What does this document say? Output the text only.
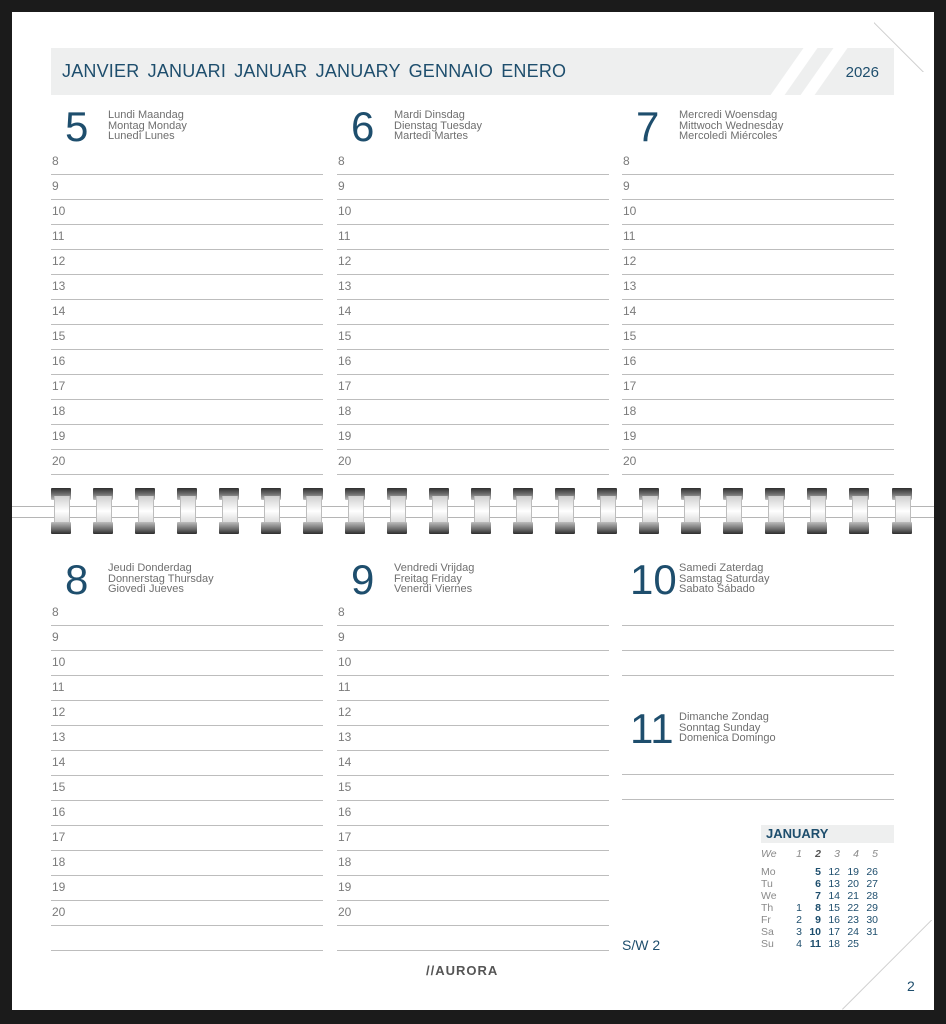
JANVIER JANUARI JANUAR JANUARY GENNAIO ENERO	2026
5 Lundi Maandag
Montag Monday
Lunedì Lunes
8
9
10
11
12
13
14
15
16
17
18
19
20
6 Mardi Dinsdag
Dienstag Tuesday
Martedì Martes
8
9
10
11
12
13
14
15
16
17
18
19
20
7 Mercredi Woensdag
Mittwoch Wednesday
Mercoledì Miércoles
8
9
10
11
12
13
14
15
16
17
18
19
20
8 Jeudi Donderdag
Donnerstag Thursday
Giovedì Jueves
8
9
10
11
12
13
14
15
16
17
18
19
20
9 Vendredi Vrijdag
Freitag Friday
Venerdì Viernes
8
9
10
11
12
13
14
15
16
17
18
19
20
10 Samedi Zaterdag
Samstag Saturday
Sabato Sábado
11 Dimanche Zondag
Sonntag Sunday
Domenica Domingo
JANUARY
We	1	2	3	4	5

Mo		5	12	19	26
Tu		6	13	20	27
We		7	14	21	28
Th	1	8	15	22	29
Fr	2	9	16	23	30
Sa	3	10	17	24	31
Su	4	11	18	25	
S/W 2
//AURORA
2
